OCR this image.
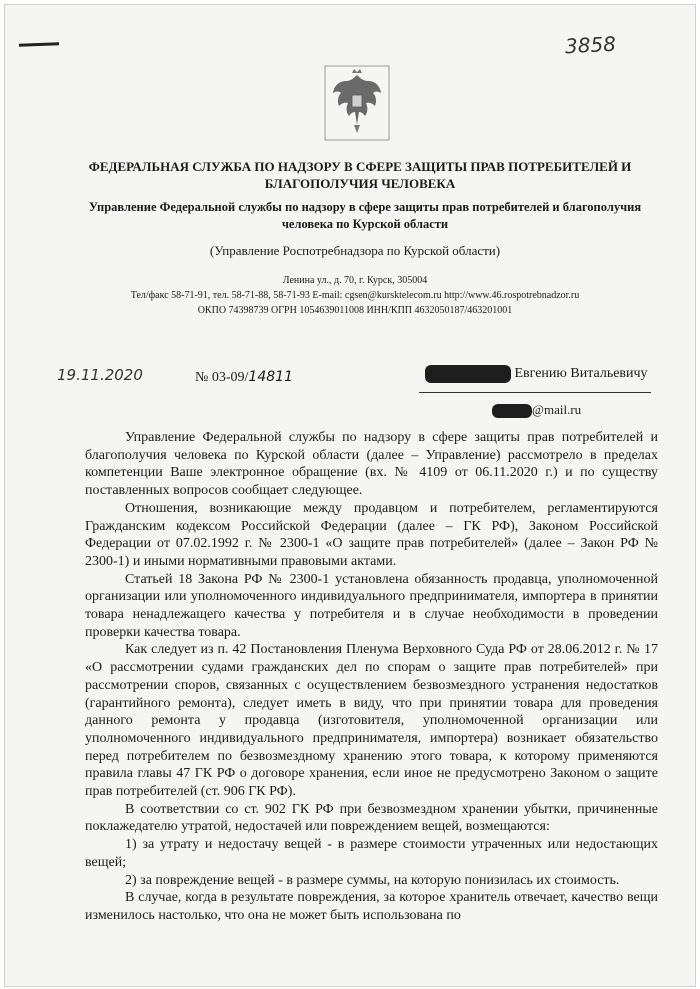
3858
ФЕДЕРАЛЬНАЯ СЛУЖБА ПО НАДЗОРУ В СФЕРЕ ЗАЩИТЫ ПРАВ ПОТРЕБИТЕЛЕЙ И БЛАГОПОЛУЧИЯ ЧЕЛОВЕКА
Управление Федеральной службы по надзору в сфере защиты прав потребителей и благополучия человека по Курской области
(Управление Роспотребнадзора по Курской области)
Ленина ул., д. 70, г. Курск, 305004
Тел/факс 58-71-91, тел. 58-71-88, 58-71-93 E-mail: cgsen@kursktelecom.ru http://www.46.rospotrebnadzor.ru
ОКПО 74398739 ОГРН 1054639011008 ИНН/КПП 4632050187/463201001
19.11.2020	№ 03-09/14811	Евгению Витальевичу
@mail.ru

Управление Федеральной службы по надзору в сфере защиты прав потребителей и благополучия человека по Курской области (далее – Управление) рассмотрело в пределах компетенции Ваше электронное обращение (вх. № 4109 от 06.11.2020 г.) и по существу поставленных вопросов сообщает следующее.

Отношения, возникающие между продавцом и потребителем, регламентируются Гражданским кодексом Российской Федерации (далее – ГК РФ), Законом Российской Федерации от 07.02.1992 г. № 2300-1 «О защите прав потребителей» (далее – Закон РФ № 2300-1) и иными нормативными правовыми актами.

Статьей 18 Закона РФ № 2300-1 установлена обязанность продавца, уполномоченной организации или уполномоченного индивидуального предпринимателя, импортера в принятии товара ненадлежащего качества у потребителя и в случае необходимости в проведении проверки качества товара.

Как следует из п. 42 Постановления Пленума Верховного Суда РФ от 28.06.2012 г. № 17 «О рассмотрении судами гражданских дел по спорам о защите прав потребителей» при рассмотрении споров, связанных с осуществлением безвозмездного устранения недостатков (гарантийного ремонта), следует иметь в виду, что при принятии товара для проведения данного ремонта у продавца (изготовителя, уполномоченной организации или уполномоченного индивидуального предпринимателя, импортера) возникает обязательство перед потребителем по безвозмездному хранению этого товара, к которому применяются правила главы 47 ГК РФ о договоре хранения, если иное не предусмотрено Законом о защите прав потребителей (ст. 906 ГК РФ).

В соответствии со ст. 902 ГК РФ при безвозмездном хранении убытки, причиненные поклажедателю утратой, недостачей или повреждением вещей, возмещаются:

1) за утрату и недостачу вещей - в размере стоимости утраченных или недостающих вещей;

2) за повреждение вещей - в размере суммы, на которую понизилась их стоимость.

В случае, когда в результате повреждения, за которое хранитель отвечает, качество вещи изменилось настолько, что она не может быть использована по
